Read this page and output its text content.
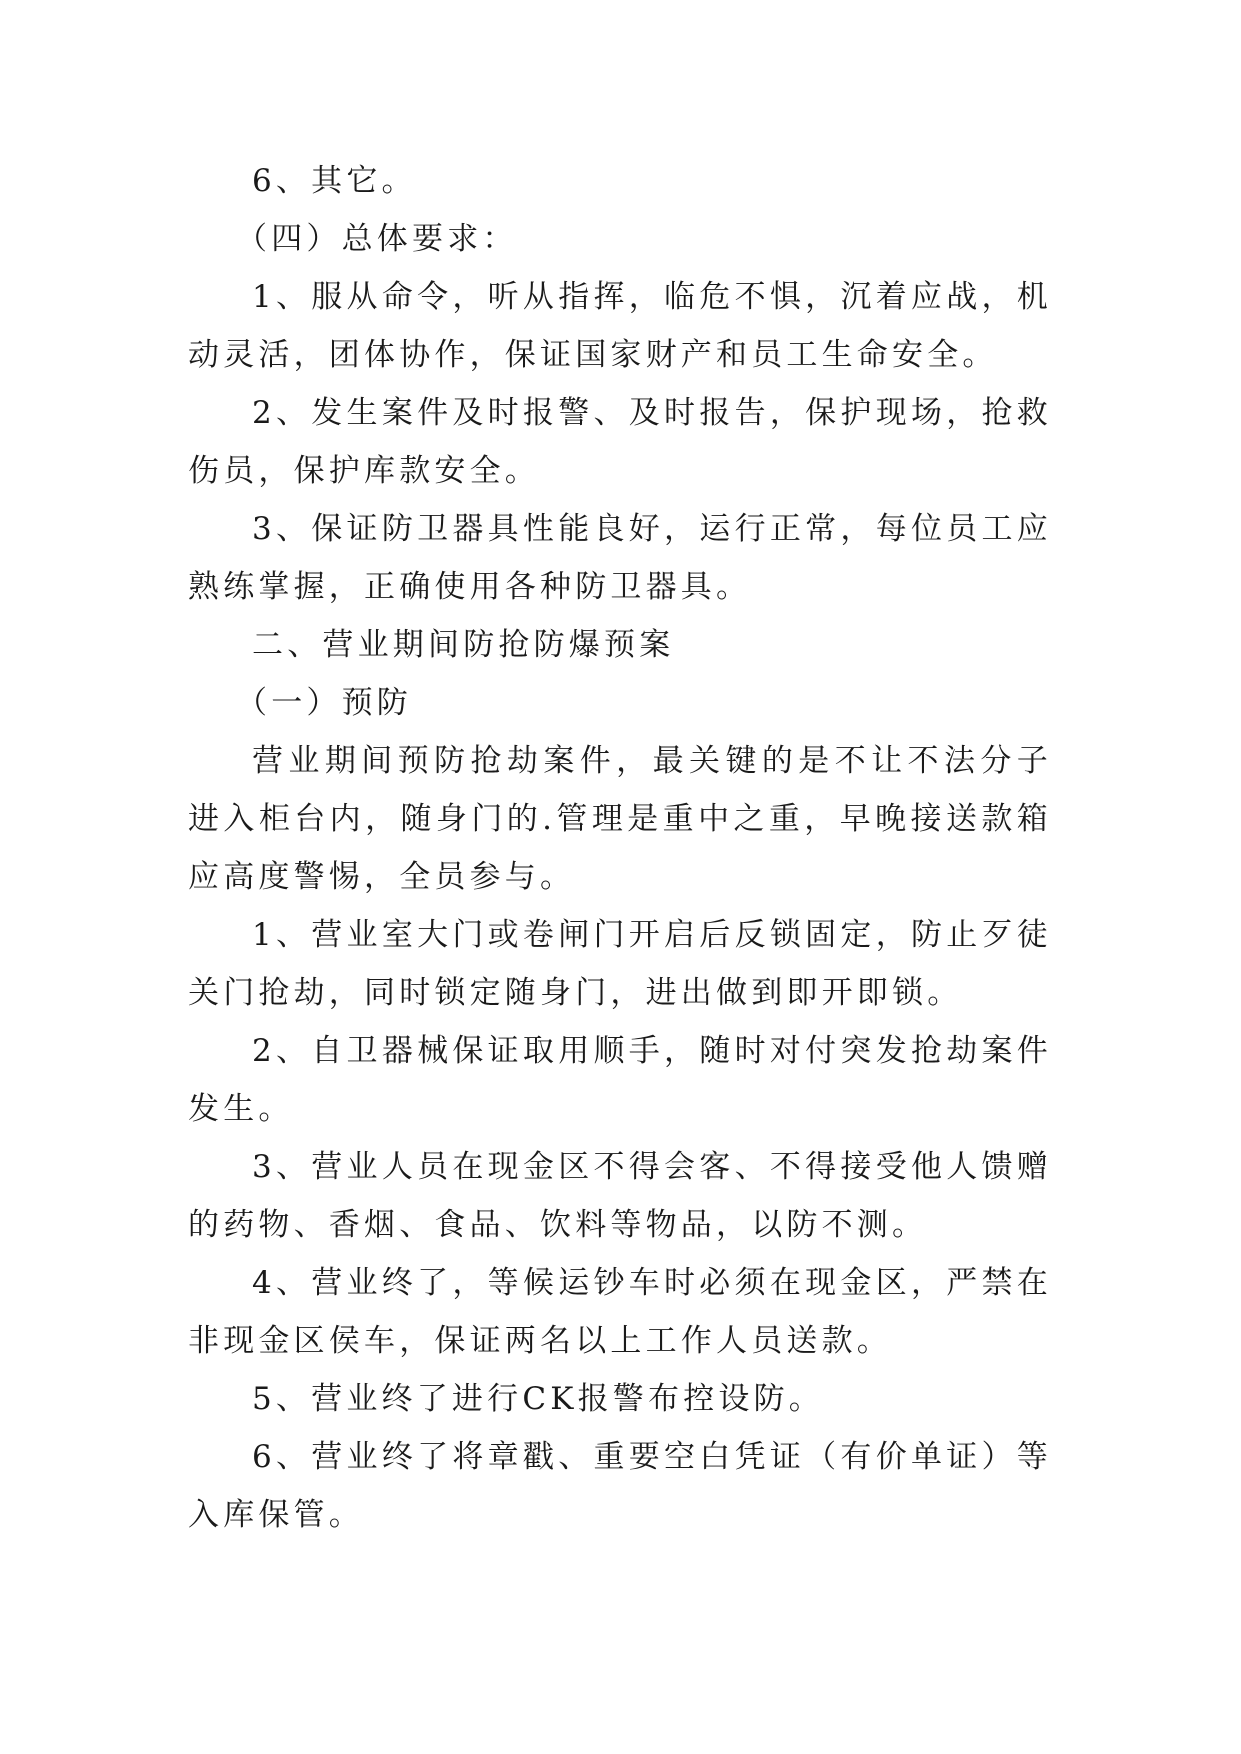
6、其它。

（四）总体要求：

1、服从命令，听从指挥，临危不惧，沉着应战，机动灵活，团体协作，保证国家财产和员工生命安全。

2、发生案件及时报警、及时报告，保护现场，抢救伤员，保护库款安全。

3、保证防卫器具性能良好，运行正常，每位员工应熟练掌握，正确使用各种防卫器具。

二、营业期间防抢防爆预案

（一）预防

营业期间预防抢劫案件，最关键的是不让不法分子进入柜台内，随身门的.管理是重中之重，早晚接送款箱应高度警惕，全员参与。

1、营业室大门或卷闸门开启后反锁固定，防止歹徒关门抢劫，同时锁定随身门，进出做到即开即锁。

2、自卫器械保证取用顺手，随时对付突发抢劫案件发生。

3、营业人员在现金区不得会客、不得接受他人馈赠的药物、香烟、食品、饮料等物品，以防不测。

4、营业终了，等候运钞车时必须在现金区，严禁在非现金区侯车，保证两名以上工作人员送款。

5、营业终了进行CK报警布控设防。

6、营业终了将章戳、重要空白凭证（有价单证）等入库保管。
